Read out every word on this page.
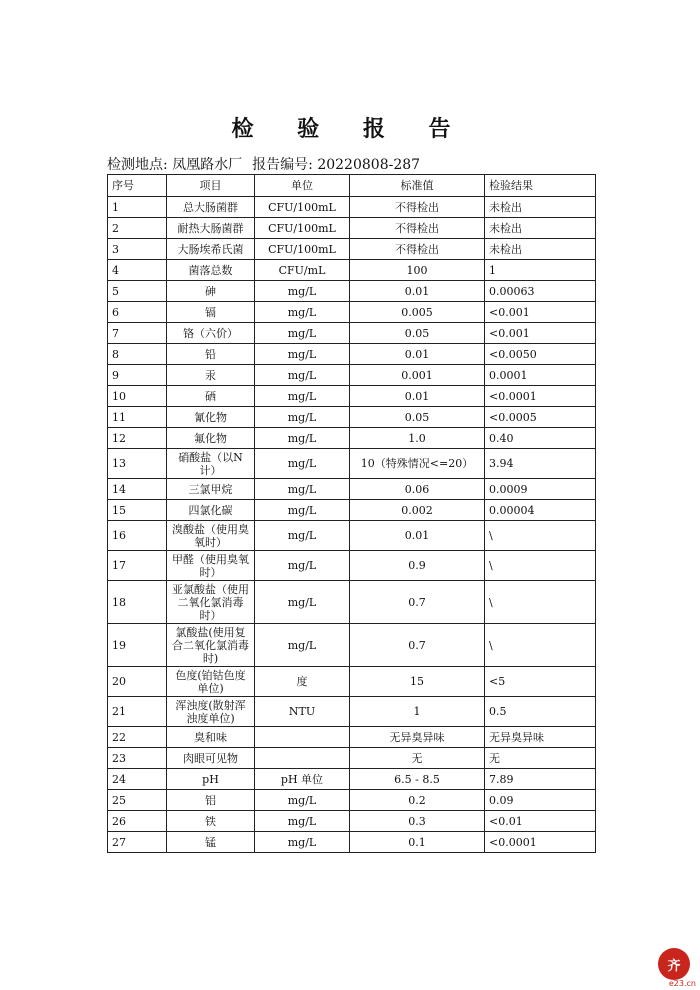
检 验 报 告
检测地点: 凤凰路水厂 报告编号: 20220808-287
序号	项目	单位	标准值	检验结果
1	总大肠菌群	CFU/100mL	不得检出	未检出
2	耐热大肠菌群	CFU/100mL	不得检出	未检出
3	大肠埃希氏菌	CFU/100mL	不得检出	未检出
4	菌落总数	CFU/mL	100	1
5	砷	mg/L	0.01	0.00063
6	镉	mg/L	0.005	<0.001
7	铬（六价）	mg/L	0.05	<0.001
8	铅	mg/L	0.01	<0.0050
9	汞	mg/L	0.001	0.0001
10	硒	mg/L	0.01	<0.0001
11	氰化物	mg/L	0.05	<0.0005
12	氟化物	mg/L	1.0	0.40
13	硝酸盐（以N计）	mg/L	10（特殊情况<=20）	3.94
14	三氯甲烷	mg/L	0.06	0.0009
15	四氯化碳	mg/L	0.002	0.00004
16	溴酸盐（使用臭氧时）	mg/L	0.01	\
17	甲醛（使用臭氧时）	mg/L	0.9	\
18	亚氯酸盐（使用二氧化氯消毒时）	mg/L	0.7	\
19	氯酸盐(使用复合二氧化氯消毒时)	mg/L	0.7	\
20	色度(铂钴色度单位)	度	15	<5
21	浑浊度(散射浑浊度单位)	NTU	1	0.5
22	臭和味		无异臭异味	无异臭异味
23	肉眼可见物		无	无
24	pH	pH 单位	6.5 - 8.5	7.89
25	铝	mg/L	0.2	0.09
26	铁	mg/L	0.3	<0.01
27	锰	mg/L	0.1	<0.0001
齐
e23.cn
